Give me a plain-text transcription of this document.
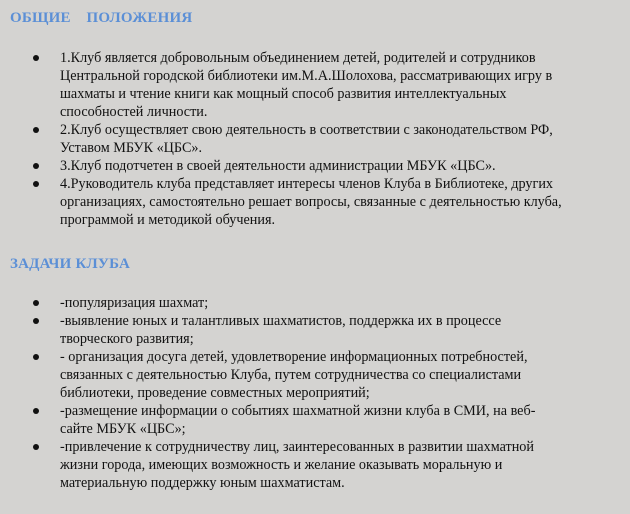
ОБЩИЕ    ПОЛОЖЕНИЯ
1.Клуб является добровольным объединением детей, родителей и сотрудников
Центральной городской библиотеки им.М.А.Шолохова, рассматривающих игру в
шахматы и чтение книги как мощный способ развития интеллектуальных
способностей личности.
2.Клуб осуществляет свою деятельность в соответствии с законодательством РФ,
Уставом МБУК «ЦБС».
3.Клуб подотчетен в своей деятельности администрации МБУК «ЦБС».
4.Руководитель клуба представляет интересы членов Клуба в Библиотеке, других
организациях, самостоятельно решает вопросы, связанные с деятельностью клуба,
программой и методикой обучения.
ЗАДАЧИ КЛУБА
-популяризация шахмат;
-выявление юных и талантливых шахматистов, поддержка их в процессе
творческого развития;
- организация досуга детей, удовлетворение информационных потребностей,
связанных с деятельностью Клуба, путем сотрудничества со специалистами
библиотеки, проведение совместных мероприятий;
-размещение информации о событиях шахматной жизни клуба в СМИ, на веб-
сайте МБУК «ЦБС»;
-привлечение к сотрудничеству лиц, заинтересованных в развитии шахматной
жизни города, имеющих возможность и желание оказывать моральную и
материальную поддержку юным шахматистам.
